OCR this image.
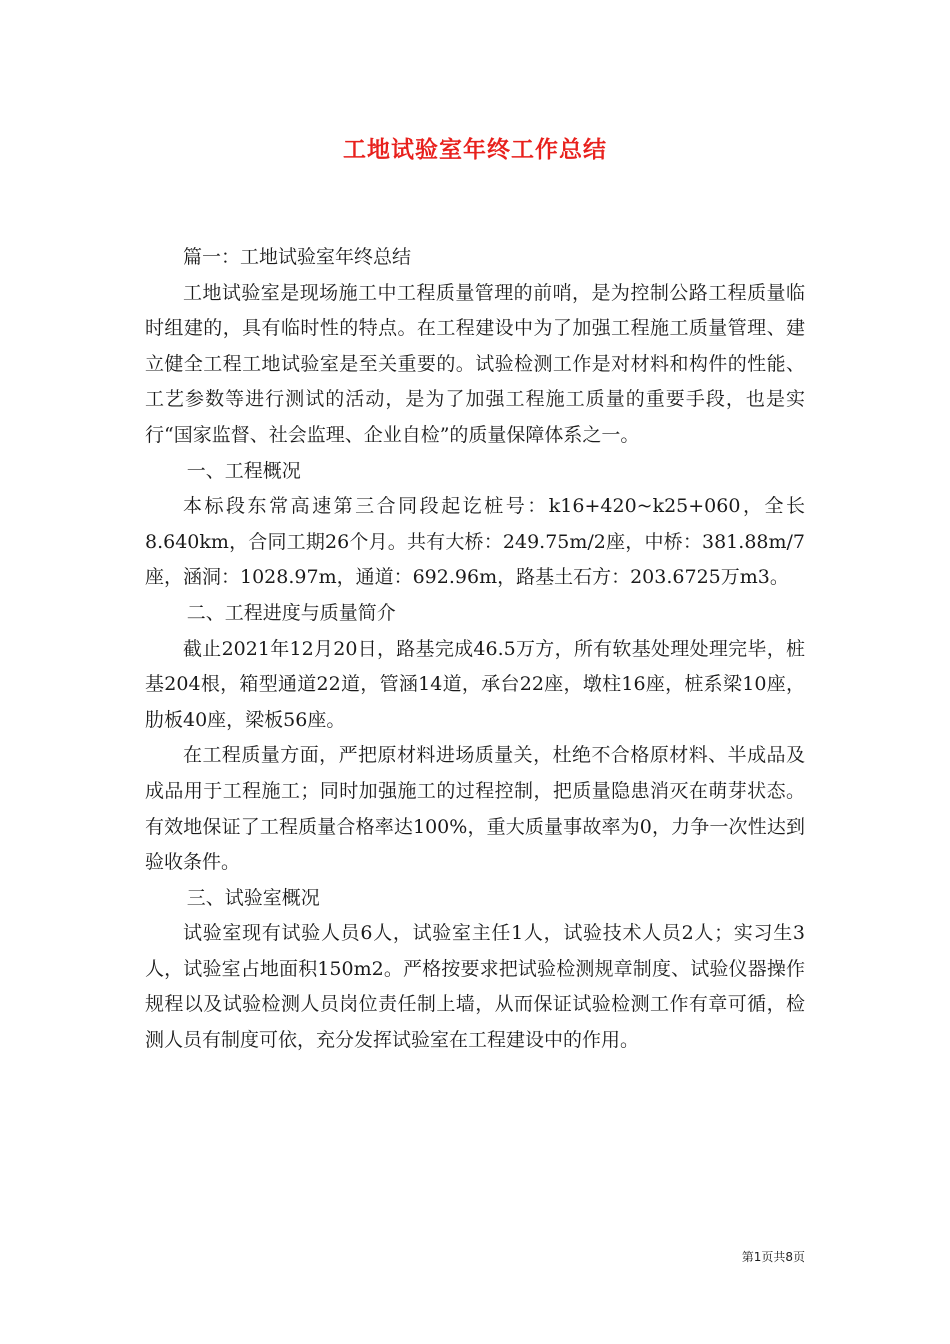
工地试验室年终工作总结

篇一：工地试验室年终总结

工地试验室是现场施工中工程质量管理的前哨，是为控制公路工程质量临时组建的，具有临时性的特点。在工程建设中为了加强工程施工质量管理、建立健全工程工地试验室是至关重要的。试验检测工作是对材料和构件的性能、工艺参数等进行测试的活动，是为了加强工程施工质量的重要手段，也是实行“国家监督、社会监理、企业自检”的质量保障体系之一。

一、工程概况

本标段东常高速第三合同段起讫桩号：k16+420~k25+060，全长8.640km，合同工期26个月。共有大桥：249.75m/2座，中桥：381.88m/7座，涵洞：1028.97m，通道：692.96m，路基土石方：203.6725万m3。

二、工程进度与质量简介

截止2021年12月20日，路基完成46.5万方，所有软基处理处理完毕，桩基204根，箱型通道22道，管涵14道，承台22座，墩柱16座，桩系梁10座，肋板40座，梁板56座。

在工程质量方面，严把原材料进场质量关，杜绝不合格原材料、半成品及成品用于工程施工；同时加强施工的过程控制，把质量隐患消灭在萌芽状态。有效地保证了工程质量合格率达100%，重大质量事故率为0，力争一次性达到验收条件。

三、试验室概况

试验室现有试验人员6人，试验室主任1人，试验技术人员2人；实习生3人，试验室占地面积150m2。严格按要求把试验检测规章制度、试验仪器操作规程以及试验检测人员岗位责任制上墙，从而保证试验检测工作有章可循，检测人员有制度可依，充分发挥试验室在工程建设中的作用。

第1页共8页
